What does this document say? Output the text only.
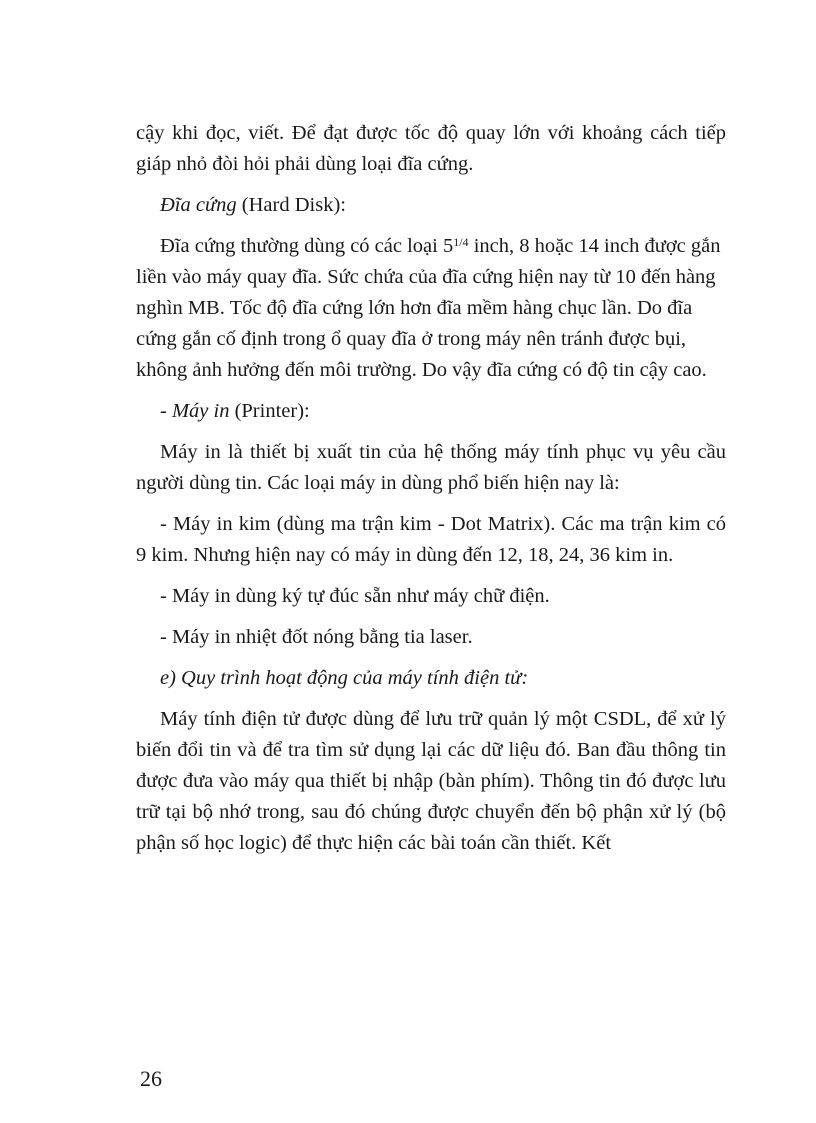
cậy khi đọc, viết. Để đạt được tốc độ quay lớn với khoảng cách tiếp giáp nhỏ đòi hỏi phải dùng loại đĩa cứng.

Đĩa cứng (Hard Disk):

Đĩa cứng thường dùng có các loại $5^{1/4}$ inch, 8 hoặc 14 inch được gắn liền vào máy quay đĩa. Sức chứa của đĩa cứng hiện nay từ 10 đến hàng nghìn MB. Tốc độ đĩa cứng lớn hơn đĩa mềm hàng chục lần. Do đĩa cứng gắn cố định trong ổ quay đĩa ở trong máy nên tránh được bụi, không ảnh hưởng đến môi trường. Do vậy đĩa cứng có độ tin cậy cao.

- Máy in (Printer):

Máy in là thiết bị xuất tin của hệ thống máy tính phục vụ yêu cầu người dùng tin. Các loại máy in dùng phổ biến hiện nay là:

- Máy in kim (dùng ma trận kim - Dot Matrix). Các ma trận kim có 9 kim. Nhưng hiện nay có máy in dùng đến 12, 18, 24, 36 kim in.

- Máy in dùng ký tự đúc sẵn như máy chữ điện.

- Máy in nhiệt đốt nóng bằng tia laser.

e) Quy trình hoạt động của máy tính điện tử:

Máy tính điện tử được dùng để lưu trữ quản lý một CSDL, để xử lý biến đổi tin và để tra tìm sử dụng lại các dữ liệu đó. Ban đầu thông tin được đưa vào máy qua thiết bị nhập (bàn phím). Thông tin đó được lưu trữ tại bộ nhớ trong, sau đó chúng được chuyển đến bộ phận xử lý (bộ phận số học logic) để thực hiện các bài toán cần thiết. Kết

26
